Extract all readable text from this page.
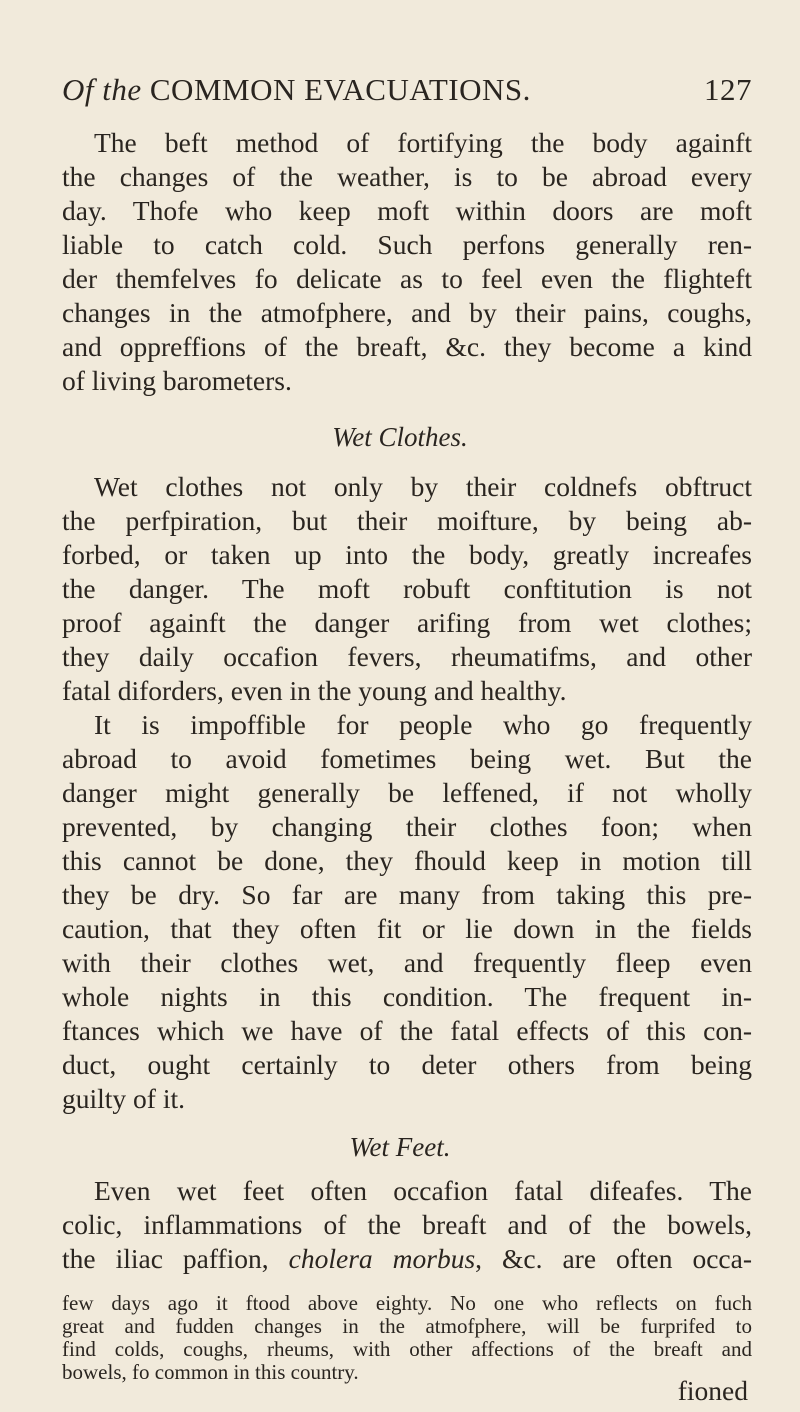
Of the COMMON EVACUATIONS.	127
The beft method of fortifying the body againft
the changes of the weather, is to be abroad every
day. Thofe who keep moft within doors are moft
liable to catch cold. Such perfons generally ren-
der themfelves fo delicate as to feel even the flighteft
changes in the atmofphere, and by their pains, coughs,
and oppreffions of the breaft, &c. they become a kind
of living barometers.
Wet Clothes.
Wet clothes not only by their coldnefs obftruct
the perfpiration, but their moifture, by being ab-
forbed, or taken up into the body, greatly increafes
the danger. The moft robuft conftitution is not
proof againft the danger arifing from wet clothes;
they daily occafion fevers, rheumatifms, and other
fatal diforders, even in the young and healthy.
It is impoffible for people who go frequently
abroad to avoid fometimes being wet. But the
danger might generally be leffened, if not wholly
prevented, by changing their clothes foon; when
this cannot be done, they fhould keep in motion till
they be dry. So far are many from taking this pre-
caution, that they often fit or lie down in the fields
with their clothes wet, and frequently fleep even
whole nights in this condition. The frequent in-
ftances which we have of the fatal effects of this con-
duct, ought certainly to deter others from being
guilty of it.
Wet Feet.
Even wet feet often occafion fatal difeafes. The
colic, inflammations of the breaft and of the bowels,
the iliac paffion, cholera morbus, &c. are often occa-
few days ago it ftood above eighty. No one who reflects on fuch
great and fudden changes in the atmofphere, will be furprifed to
find colds, coughs, rheums, with other affections of the breaft and
bowels, fo common in this country.
fioned
